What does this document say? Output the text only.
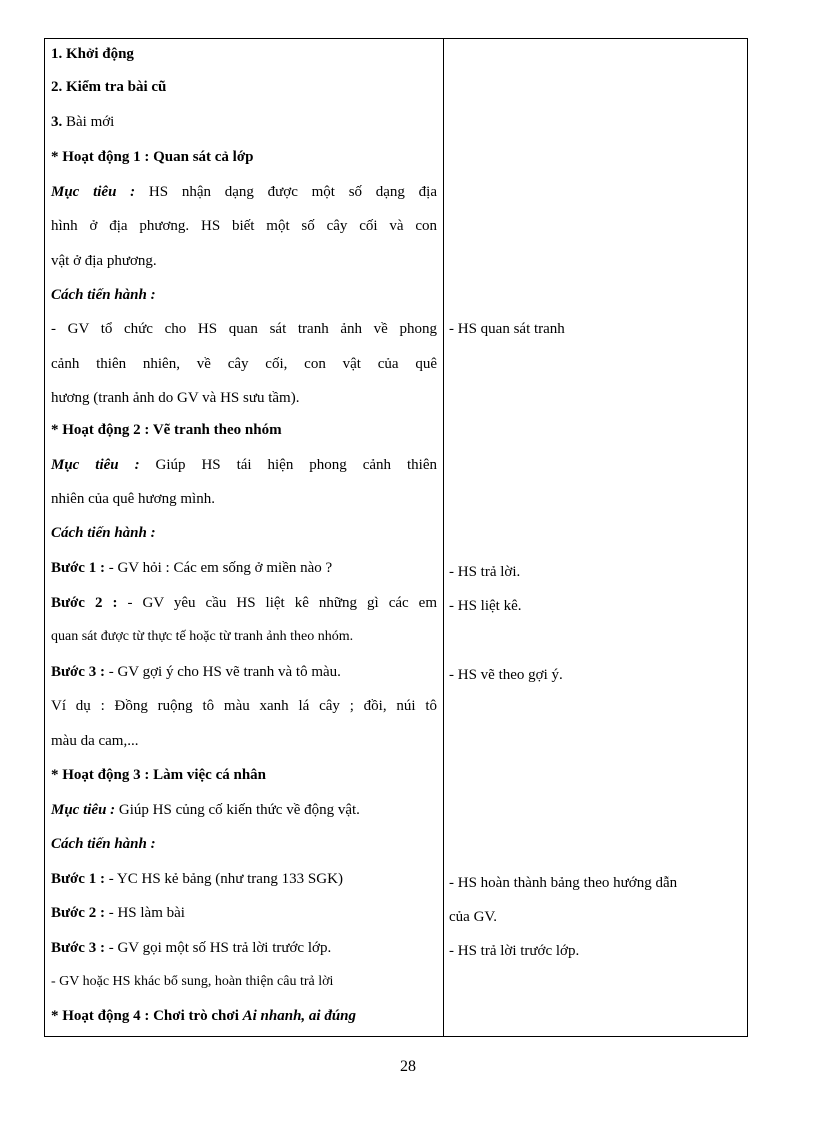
1. Khởi động
2. Kiểm tra bài cũ
3. Bài mới
* Hoạt động 1 : Quan sát cả lớp
Mục tiêu : HS nhận dạng được một số dạng địa
hình ở địa phương. HS biết một số cây cối và con
vật ở địa phương.
Cách tiến hành :
- GV tổ chức cho HS quan sát tranh ảnh về phong
cảnh thiên nhiên, về cây cối, con vật của quê
hương (tranh ảnh do GV và HS sưu tầm).
* Hoạt động 2 : Vẽ tranh theo nhóm
Mục tiêu : Giúp HS tái hiện phong cảnh thiên
nhiên của quê hương mình.
Cách tiến hành :
Bước 1 : - GV hỏi : Các em sống ở miền nào ?
Bước 2 : - GV yêu cầu HS liệt kê những gì các em
quan sát được từ thực tế hoặc từ tranh ảnh theo nhóm.
Bước 3 : - GV gợi ý cho HS vẽ tranh và tô màu.
Ví dụ : Đồng ruộng tô màu xanh lá cây ; đồi, núi tô
màu da cam,...
* Hoạt động 3 : Làm việc cá nhân
Mục tiêu : Giúp HS củng cố kiến thức về động vật.
Cách tiến hành :
Bước 1 : - YC HS kẻ bảng (như trang 133 SGK)
Bước 2 : - HS làm bài
Bước 3 : - GV gọi một số HS trả lời trước lớp.
- GV hoặc HS khác bổ sung, hoàn thiện câu trả lời
* Hoạt động 4 : Chơi trò chơi Ai nhanh, ai đúng
- HS quan sát tranh
- HS trả lời.
- HS liệt kê.
- HS vẽ theo gợi ý.
- HS hoàn thành bảng theo hướng dẫn
của GV.
- HS trả lời trước lớp.
28
